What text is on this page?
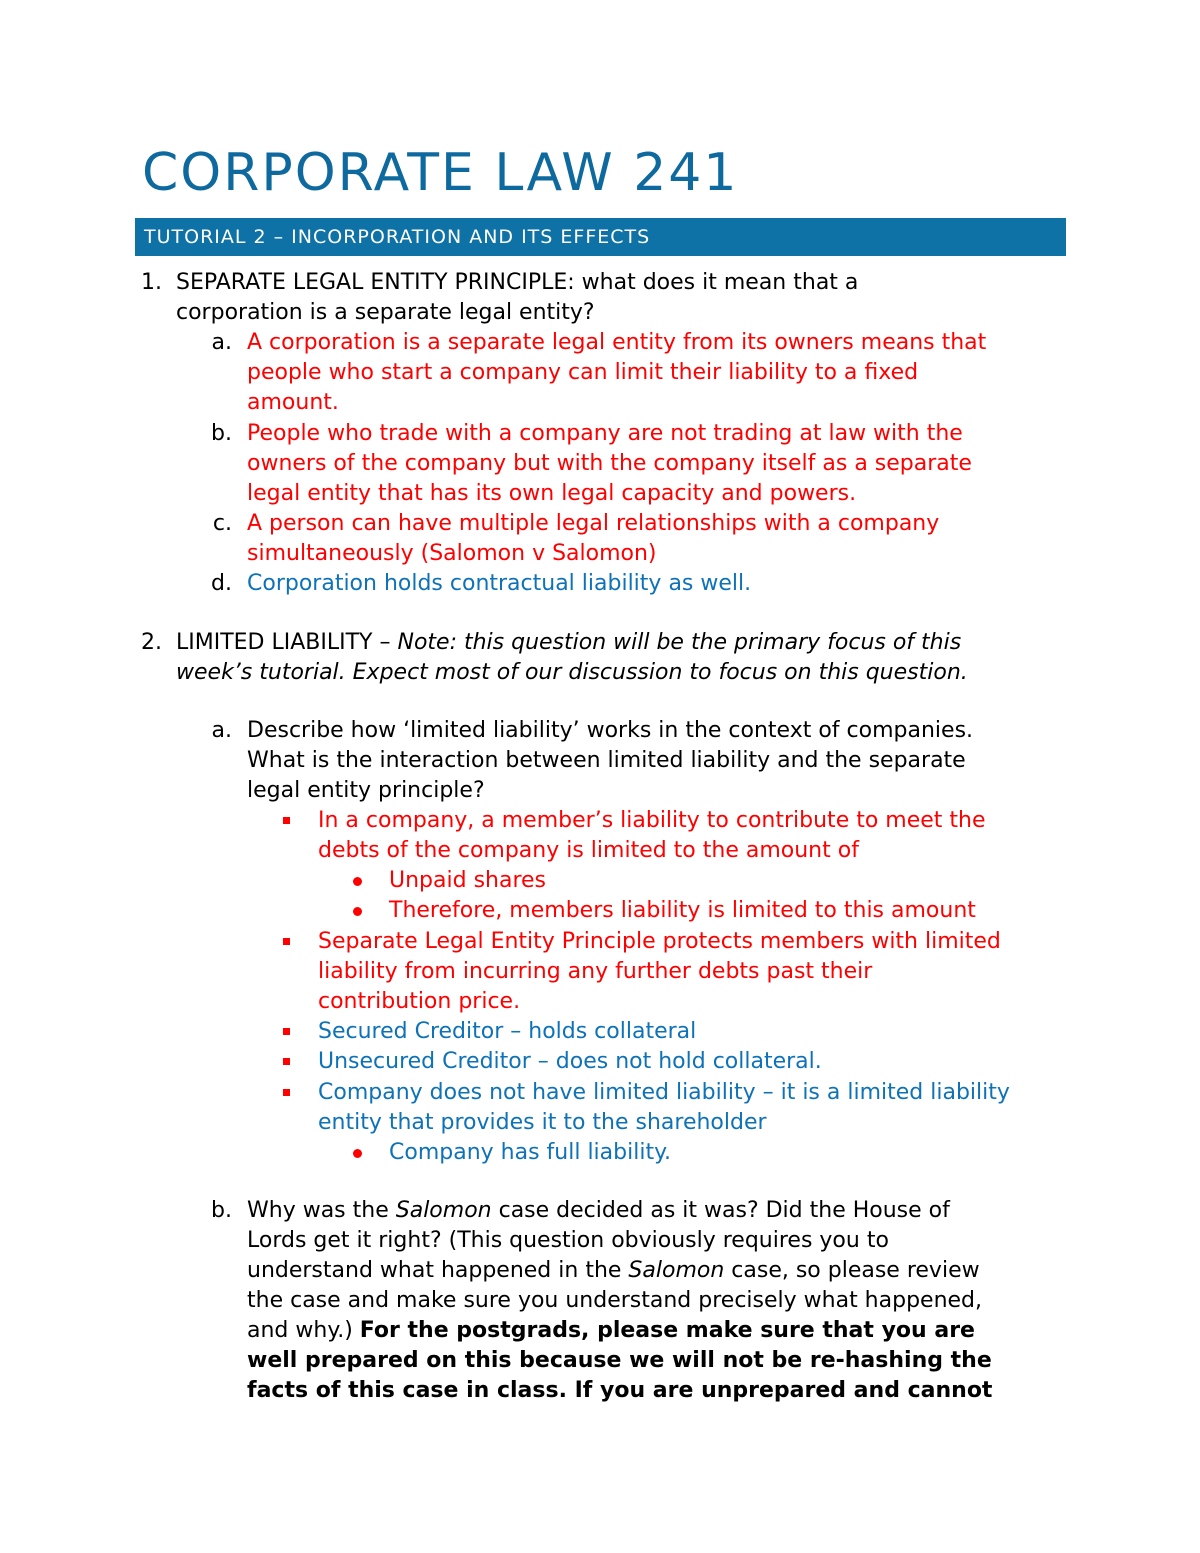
CORPORATE LAW 241
TUTORIAL 2 – INCORPORATION AND ITS EFFECTS
1. SEPARATE LEGAL ENTITY PRINCIPLE: what does it mean that a
corporation is a separate legal entity?
a. A corporation is a separate legal entity from its owners means that
people who start a company can limit their liability to a fixed
amount.
b. People who trade with a company are not trading at law with the
owners of the company but with the company itself as a separate
legal entity that has its own legal capacity and powers.
c. A person can have multiple legal relationships with a company
simultaneously (Salomon v Salomon)
d. Corporation holds contractual liability as well.
2. LIMITED LIABILITY – Note: this question will be the primary focus of this
week’s tutorial. Expect most of our discussion to focus on this question.
a. Describe how ‘limited liability’ works in the context of companies.
What is the interaction between limited liability and the separate
legal entity principle?
In a company, a member’s liability to contribute to meet the
debts of the company is limited to the amount of
Unpaid shares
Therefore, members liability is limited to this amount
Separate Legal Entity Principle protects members with limited
liability from incurring any further debts past their
contribution price.
Secured Creditor – holds collateral
Unsecured Creditor – does not hold collateral.
Company does not have limited liability – it is a limited liability
entity that provides it to the shareholder
Company has full liability.
b. Why was the Salomon case decided as it was? Did the House of
Lords get it right? (This question obviously requires you to
understand what happened in the Salomon case, so please review
the case and make sure you understand precisely what happened,
and why.) For the postgrads, please make sure that you are
well prepared on this because we will not be re-hashing the
facts of this case in class. If you are unprepared and cannot
